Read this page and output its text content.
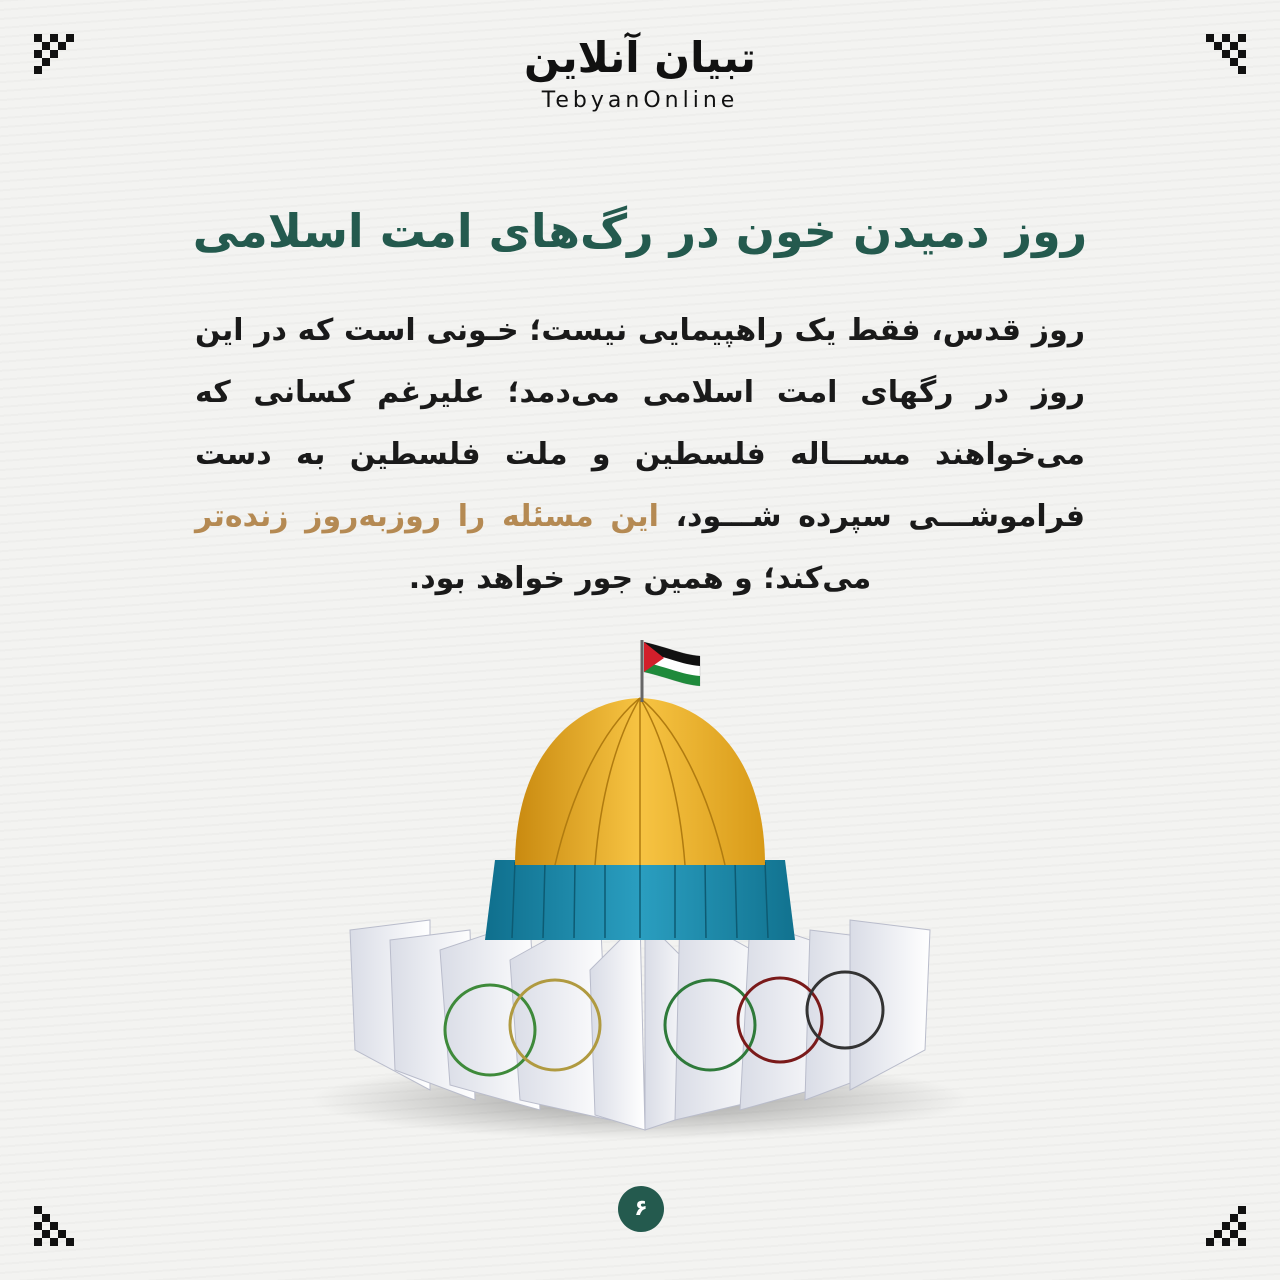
تبیان آنلاین
TebyanOnline
روز دمیدن خون در رگ‌های امت اسلامی
روز قدس، فقط یک راهپیمایی نیست؛ خـونی است که در این روز در رگهای امت اسلامی می‌دمد؛ علیرغم کسانی که می‌خواهند مســـاله فلسطین و ملت فلسطین به دست فراموشـــی سپرده شـــود، این مسئله را روزبه‌روز زنده‌تر می‌کند؛ و همین جور خواهد بود.
۶
